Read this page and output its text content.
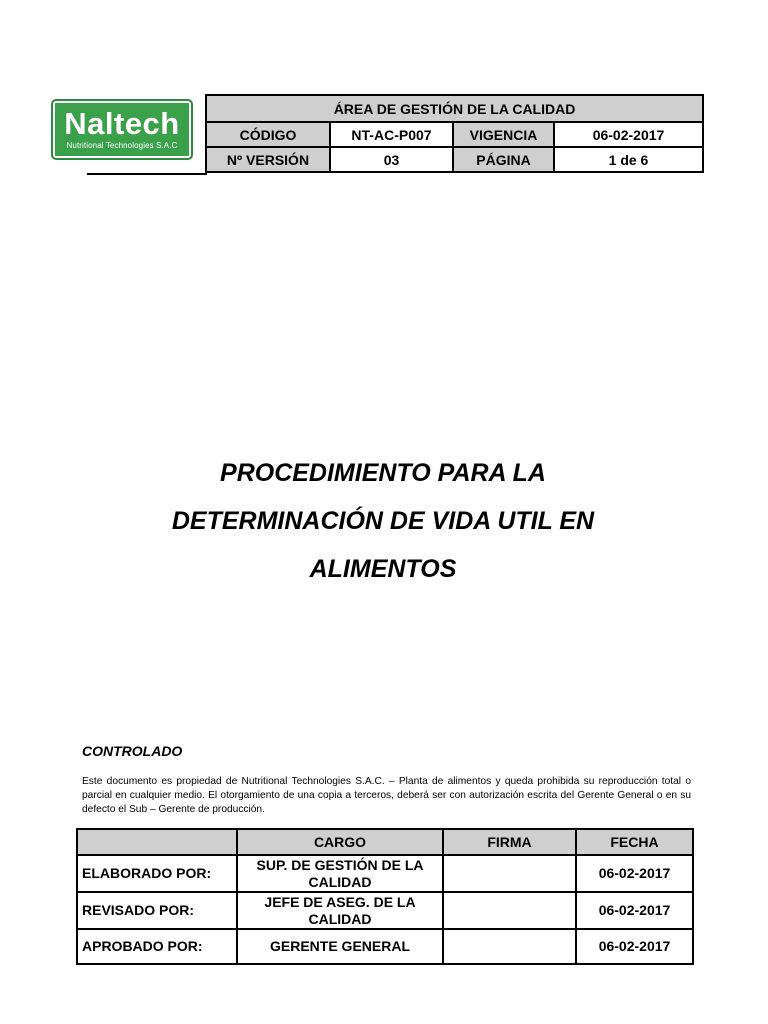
Naltech
Nutritional Technologies S.A.C
ÁREA DE GESTIÓN DE LA CALIDAD			
CÓDIGO	NT-AC-P007	VIGENCIA	06-02-2017
Nº VERSIÓN	03	PÁGINA	1 de 6
PROCEDIMIENTO PARA LA
DETERMINACIÓN DE VIDA UTIL EN
ALIMENTOS
CONTROLADO

Este documento es propiedad de Nutritional Technologies S.A.C. – Planta de alimentos y queda prohibida su reproducción total o parcial en cualquier medio. El otorgamiento de una copia a terceros, deberá ser con autorización escrita del Gerente General o en su defecto el Sub – Gerente de producción.

	CARGO	FIRMA	FECHA
ELABORADO POR:	SUP. DE GESTIÓN DE LA CALIDAD		06-02-2017
REVISADO POR:	JEFE DE ASEG. DE LA CALIDAD		06-02-2017
APROBADO POR:	GERENTE GENERAL		06-02-2017
